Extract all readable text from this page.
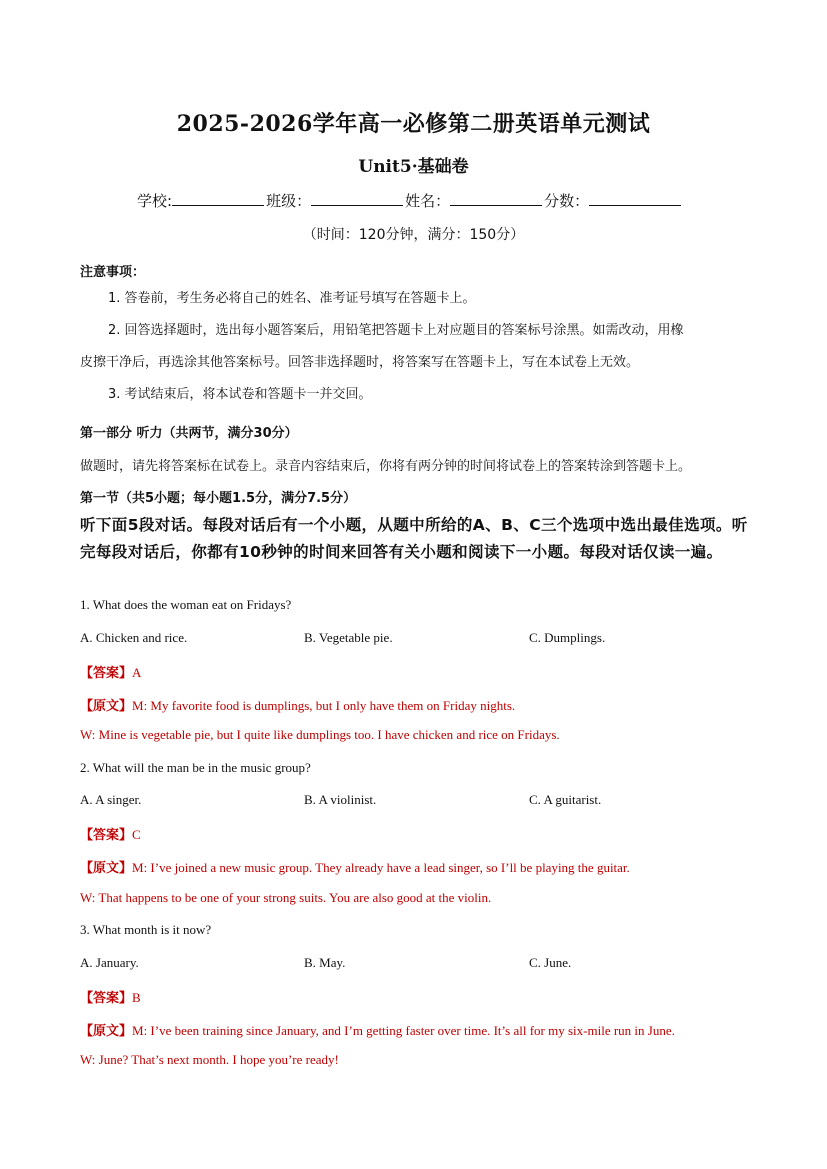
2025-2026学年高一必修第二册英语单元测试
Unit5·基础卷
学校:	班级：	姓名：	分数：
（时间：120分钟，满分：150分）
注意事项：
1. 答卷前，考生务必将自己的姓名、准考证号填写在答题卡上。
2. 回答选择题时，选出每小题答案后，用铅笔把答题卡上对应题目的答案标号涂黑。如需改动，用橡
皮擦干净后，再选涂其他答案标号。回答非选择题时，将答案写在答题卡上，写在本试卷上无效。
3. 考试结束后，将本试卷和答题卡一并交回。
第一部分 听力（共两节，满分30分）
做题时，请先将答案标在试卷上。录音内容结束后，你将有两分钟的时间将试卷上的答案转涂到答题卡上。
第一节（共5小题；每小题1.5分，满分7.5分）
听下面5段对话。每段对话后有一个小题，从题中所给的A、B、C三个选项中选出最佳选项。听完每段对话后，你都有10秒钟的时间来回答有关小题和阅读下一小题。每段对话仅读一遍。
1. What does the woman eat on Fridays?
A. Chicken and rice.	B. Vegetable pie.	C. Dumplings.
【答案】A
【原文】M: My favorite food is dumplings, but I only have them on Friday nights.
W: Mine is vegetable pie, but I quite like dumplings too. I have chicken and rice on Fridays.
2. What will the man be in the music group?
A. A singer.	B. A violinist.	C. A guitarist.
【答案】C
【原文】M: I’ve joined a new music group. They already have a lead singer, so I’ll be playing the guitar.
W: That happens to be one of your strong suits. You are also good at the violin.
3. What month is it now?
A. January.	B. May.	C. June.
【答案】B
【原文】M: I’ve been training since January, and I’m getting faster over time. It’s all for my six-mile run in June.
W: June? That’s next month. I hope you’re ready!
